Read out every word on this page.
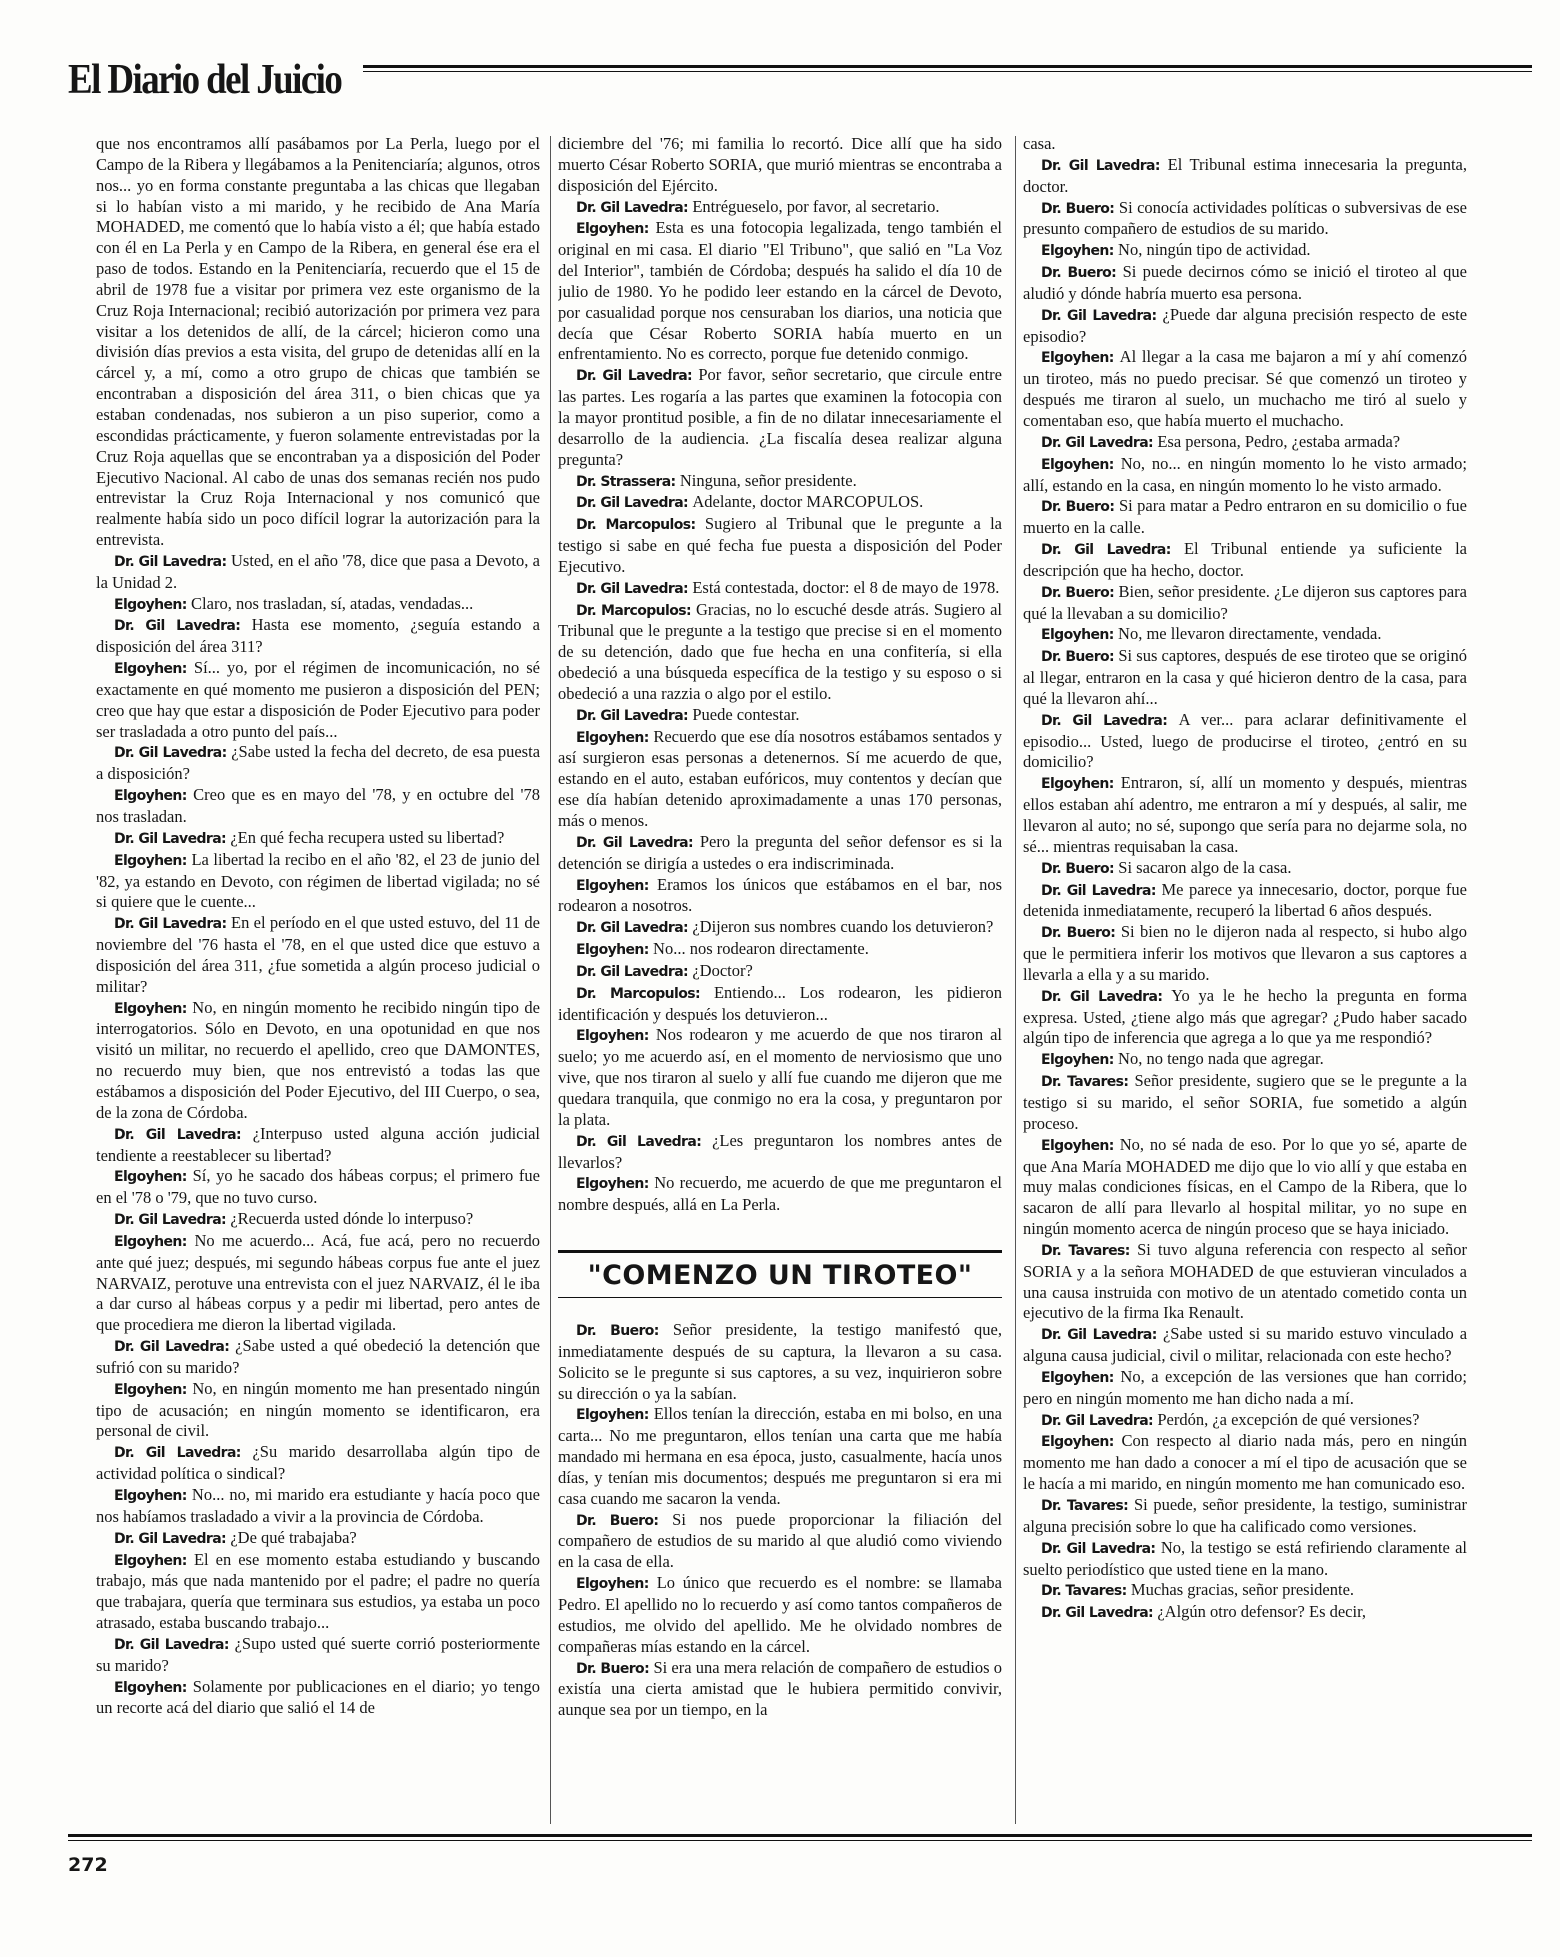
El Diario del Juicio

que nos encontramos allí pasábamos por La Perla, luego por el Campo de la Ribera y llegábamos a la Penitenciaría; algunos, otros nos... yo en forma constante preguntaba a las chicas que llegaban si lo habían visto a mi marido, y he recibido de Ana María MOHADED, me comentó que lo había visto a él; que había estado con él en La Perla y en Campo de la Ribera, en general ése era el paso de todos. Estando en la Penitenciaría, recuerdo que el 15 de abril de 1978 fue a visitar por primera vez este organismo de la Cruz Roja Internacional; recibió autorización por primera vez para visitar a los detenidos de allí, de la cárcel; hicieron como una división días previos a esta visita, del grupo de detenidas allí en la cárcel y, a mí, como a otro grupo de chicas que también se encontraban a disposición del área 311, o bien chicas que ya estaban condenadas, nos subieron a un piso superior, como a escondidas prácticamente, y fueron solamente entrevistadas por la Cruz Roja aquellas que se encontraban ya a disposición del Poder Ejecutivo Nacional. Al cabo de unas dos semanas recién nos pudo entrevistar la Cruz Roja Internacional y nos comunicó que realmente había sido un poco difícil lograr la autorización para la entrevista.

Dr. Gil Lavedra: Usted, en el año '78, dice que pasa a Devoto, a la Unidad 2.

Elgoyhen: Claro, nos trasladan, sí, atadas, vendadas...

Dr. Gil Lavedra: Hasta ese momento, ¿seguía estando a disposición del área 311?

Elgoyhen: Sí... yo, por el régimen de incomunicación, no sé exactamente en qué momento me pusieron a disposición del PEN; creo que hay que estar a disposición de Poder Ejecutivo para poder ser trasladada a otro punto del país...

Dr. Gil Lavedra: ¿Sabe usted la fecha del decreto, de esa puesta a disposición?

Elgoyhen: Creo que es en mayo del '78, y en octubre del '78 nos trasladan.

Dr. Gil Lavedra: ¿En qué fecha recupera usted su libertad?

Elgoyhen: La libertad la recibo en el año '82, el 23 de junio del '82, ya estando en Devoto, con régimen de libertad vigilada; no sé si quiere que le cuente...

Dr. Gil Lavedra: En el período en el que usted estuvo, del 11 de noviembre del '76 hasta el '78, en el que usted dice que estuvo a disposición del área 311, ¿fue sometida a algún proceso judicial o militar?

Elgoyhen: No, en ningún momento he recibido ningún tipo de interrogatorios. Sólo en Devoto, en una opotunidad en que nos visitó un militar, no recuerdo el apellido, creo que DAMONTES, no recuerdo muy bien, que nos entrevistó a todas las que estábamos a disposición del Poder Ejecutivo, del III Cuerpo, o sea, de la zona de Córdoba.

Dr. Gil Lavedra: ¿Interpuso usted alguna acción judicial tendiente a reestablecer su libertad?

Elgoyhen: Sí, yo he sacado dos hábeas corpus; el primero fue en el '78 o '79, que no tuvo curso.

Dr. Gil Lavedra: ¿Recuerda usted dónde lo interpuso?

Elgoyhen: No me acuerdo... Acá, fue acá, pero no recuerdo ante qué juez; después, mi segundo hábeas corpus fue ante el juez NARVAIZ, perotuve una entrevista con el juez NARVAIZ, él le iba a dar curso al hábeas corpus y a pedir mi libertad, pero antes de que procediera me dieron la libertad vigilada.

Dr. Gil Lavedra: ¿Sabe usted a qué obedeció la detención que sufrió con su marido?

Elgoyhen: No, en ningún momento me han presentado ningún tipo de acusación; en ningún momento se identificaron, era personal de civil.

Dr. Gil Lavedra: ¿Su marido desarrollaba algún tipo de actividad política o sindical?

Elgoyhen: No... no, mi marido era estudiante y hacía poco que nos habíamos trasladado a vivir a la provincia de Córdoba.

Dr. Gil Lavedra: ¿De qué trabajaba?

Elgoyhen: El en ese momento estaba estudiando y buscando trabajo, más que nada mantenido por el padre; el padre no quería que trabajara, quería que terminara sus estudios, ya estaba un poco atrasado, estaba buscando trabajo...

Dr. Gil Lavedra: ¿Supo usted qué suerte corrió posteriormente su marido?

Elgoyhen: Solamente por publicaciones en el diario; yo tengo un recorte acá del diario que salió el 14 de

diciembre del '76; mi familia lo recortó. Dice allí que ha sido muerto César Roberto SORIA, que murió mientras se encontraba a disposición del Ejército.

Dr. Gil Lavedra: Entrégueselo, por favor, al secretario.

Elgoyhen: Esta es una fotocopia legalizada, tengo también el original en mi casa. El diario "El Tribuno", que salió en "La Voz del Interior", también de Córdoba; después ha salido el día 10 de julio de 1980. Yo he podido leer estando en la cárcel de Devoto, por casualidad porque nos censuraban los diarios, una noticia que decía que César Roberto SORIA había muerto en un enfrentamiento. No es correcto, porque fue detenido conmigo.

Dr. Gil Lavedra: Por favor, señor secretario, que circule entre las partes. Les rogaría a las partes que examinen la fotocopia con la mayor prontitud posible, a fin de no dilatar innecesariamente el desarrollo de la audiencia. ¿La fiscalía desea realizar alguna pregunta?

Dr. Strassera: Ninguna, señor presidente.

Dr. Gil Lavedra: Adelante, doctor MARCOPULOS.

Dr. Marcopulos: Sugiero al Tribunal que le pregunte a la testigo si sabe en qué fecha fue puesta a disposición del Poder Ejecutivo.

Dr. Gil Lavedra: Está contestada, doctor: el 8 de mayo de 1978.

Dr. Marcopulos: Gracias, no lo escuché desde atrás. Sugiero al Tribunal que le pregunte a la testigo que precise si en el momento de su detención, dado que fue hecha en una confitería, si ella obedeció a una búsqueda específica de la testigo y su esposo o si obedeció a una razzia o algo por el estilo.

Dr. Gil Lavedra: Puede contestar.

Elgoyhen: Recuerdo que ese día nosotros estábamos sentados y así surgieron esas personas a detenernos. Sí me acuerdo de que, estando en el auto, estaban eufóricos, muy contentos y decían que ese día habían detenido aproximadamente a unas 170 personas, más o menos.

Dr. Gil Lavedra: Pero la pregunta del señor defensor es si la detención se dirigía a ustedes o era indiscriminada.

Elgoyhen: Eramos los únicos que estábamos en el bar, nos rodearon a nosotros.

Dr. Gil Lavedra: ¿Dijeron sus nombres cuando los detuvieron?

Elgoyhen: No... nos rodearon directamente.

Dr. Gil Lavedra: ¿Doctor?

Dr. Marcopulos: Entiendo... Los rodearon, les pidieron identificación y después los detuvieron...

Elgoyhen: Nos rodearon y me acuerdo de que nos tiraron al suelo; yo me acuerdo así, en el momento de nerviosismo que uno vive, que nos tiraron al suelo y allí fue cuando me dijeron que me quedara tranquila, que conmigo no era la cosa, y preguntaron por la plata.

Dr. Gil Lavedra: ¿Les preguntaron los nombres antes de llevarlos?

Elgoyhen: No recuerdo, me acuerdo de que me preguntaron el nombre después, allá en La Perla.

"COMENZO UN TIROTEO"

Dr. Buero: Señor presidente, la testigo manifestó que, inmediatamente después de su captura, la llevaron a su casa. Solicito se le pregunte si sus captores, a su vez, inquirieron sobre su dirección o ya la sabían.

Elgoyhen: Ellos tenían la dirección, estaba en mi bolso, en una carta... No me preguntaron, ellos tenían una carta que me había mandado mi hermana en esa época, justo, casualmente, hacía unos días, y tenían mis documentos; después me preguntaron si era mi casa cuando me sacaron la venda.

Dr. Buero: Si nos puede proporcionar la filiación del compañero de estudios de su marido al que aludió como viviendo en la casa de ella.

Elgoyhen: Lo único que recuerdo es el nombre: se llamaba Pedro. El apellido no lo recuerdo y así como tantos compañeros de estudios, me olvido del apellido. Me he olvidado nombres de compañeras mías estando en la cárcel.

Dr. Buero: Si era una mera relación de compañero de estudios o existía una cierta amistad que le hubiera permitido convivir, aunque sea por un tiempo, en la

casa.

Dr. Gil Lavedra: El Tribunal estima innecesaria la pregunta, doctor.

Dr. Buero: Si conocía actividades políticas o subversivas de ese presunto compañero de estudios de su marido.

Elgoyhen: No, ningún tipo de actividad.

Dr. Buero: Si puede decirnos cómo se inició el tiroteo al que aludió y dónde habría muerto esa persona.

Dr. Gil Lavedra: ¿Puede dar alguna precisión respecto de este episodio?

Elgoyhen: Al llegar a la casa me bajaron a mí y ahí comenzó un tiroteo, más no puedo precisar. Sé que comenzó un tiroteo y después me tiraron al suelo, un muchacho me tiró al suelo y comentaban eso, que había muerto el muchacho.

Dr. Gil Lavedra: Esa persona, Pedro, ¿estaba armada?

Elgoyhen: No, no... en ningún momento lo he visto armado; allí, estando en la casa, en ningún momento lo he visto armado.

Dr. Buero: Si para matar a Pedro entraron en su domicilio o fue muerto en la calle.

Dr. Gil Lavedra: El Tribunal entiende ya suficiente la descripción que ha hecho, doctor.

Dr. Buero: Bien, señor presidente. ¿Le dijeron sus captores para qué la llevaban a su domicilio?

Elgoyhen: No, me llevaron directamente, vendada.

Dr. Buero: Si sus captores, después de ese tiroteo que se originó al llegar, entraron en la casa y qué hicieron dentro de la casa, para qué la llevaron ahí...

Dr. Gil Lavedra: A ver... para aclarar definitivamente el episodio... Usted, luego de producirse el tiroteo, ¿entró en su domicilio?

Elgoyhen: Entraron, sí, allí un momento y después, mientras ellos estaban ahí adentro, me entraron a mí y después, al salir, me llevaron al auto; no sé, supongo que sería para no dejarme sola, no sé... mientras requisaban la casa.

Dr. Buero: Si sacaron algo de la casa.

Dr. Gil Lavedra: Me parece ya innecesario, doctor, porque fue detenida inmediatamente, recuperó la libertad 6 años después.

Dr. Buero: Si bien no le dijeron nada al respecto, si hubo algo que le permitiera inferir los motivos que llevaron a sus captores a llevarla a ella y a su marido.

Dr. Gil Lavedra: Yo ya le he hecho la pregunta en forma expresa. Usted, ¿tiene algo más que agregar? ¿Pudo haber sacado algún tipo de inferencia que agrega a lo que ya me respondió?

Elgoyhen: No, no tengo nada que agregar.

Dr. Tavares: Señor presidente, sugiero que se le pregunte a la testigo si su marido, el señor SORIA, fue sometido a algún proceso.

Elgoyhen: No, no sé nada de eso. Por lo que yo sé, aparte de que Ana María MOHADED me dijo que lo vio allí y que estaba en muy malas condiciones físicas, en el Campo de la Ribera, que lo sacaron de allí para llevarlo al hospital militar, yo no supe en ningún momento acerca de ningún proceso que se haya iniciado.

Dr. Tavares: Si tuvo alguna referencia con respecto al señor SORIA y a la señora MOHADED de que estuvieran vinculados a una causa instruida con motivo de un atentado cometido conta un ejecutivo de la firma Ika Renault.

Dr. Gil Lavedra: ¿Sabe usted si su marido estuvo vinculado a alguna causa judicial, civil o militar, relacionada con este hecho?

Elgoyhen: No, a excepción de las versiones que han corrido; pero en ningún momento me han dicho nada a mí.

Dr. Gil Lavedra: Perdón, ¿a excepción de qué versiones?

Elgoyhen: Con respecto al diario nada más, pero en ningún momento me han dado a conocer a mí el tipo de acusación que se le hacía a mi marido, en ningún momento me han comunicado eso.

Dr. Tavares: Si puede, señor presidente, la testigo, suministrar alguna precisión sobre lo que ha calificado como versiones.

Dr. Gil Lavedra: No, la testigo se está refiriendo claramente al suelto periodístico que usted tiene en la mano.

Dr. Tavares: Muchas gracias, señor presidente.

Dr. Gil Lavedra: ¿Algún otro defensor? Es decir,

272
